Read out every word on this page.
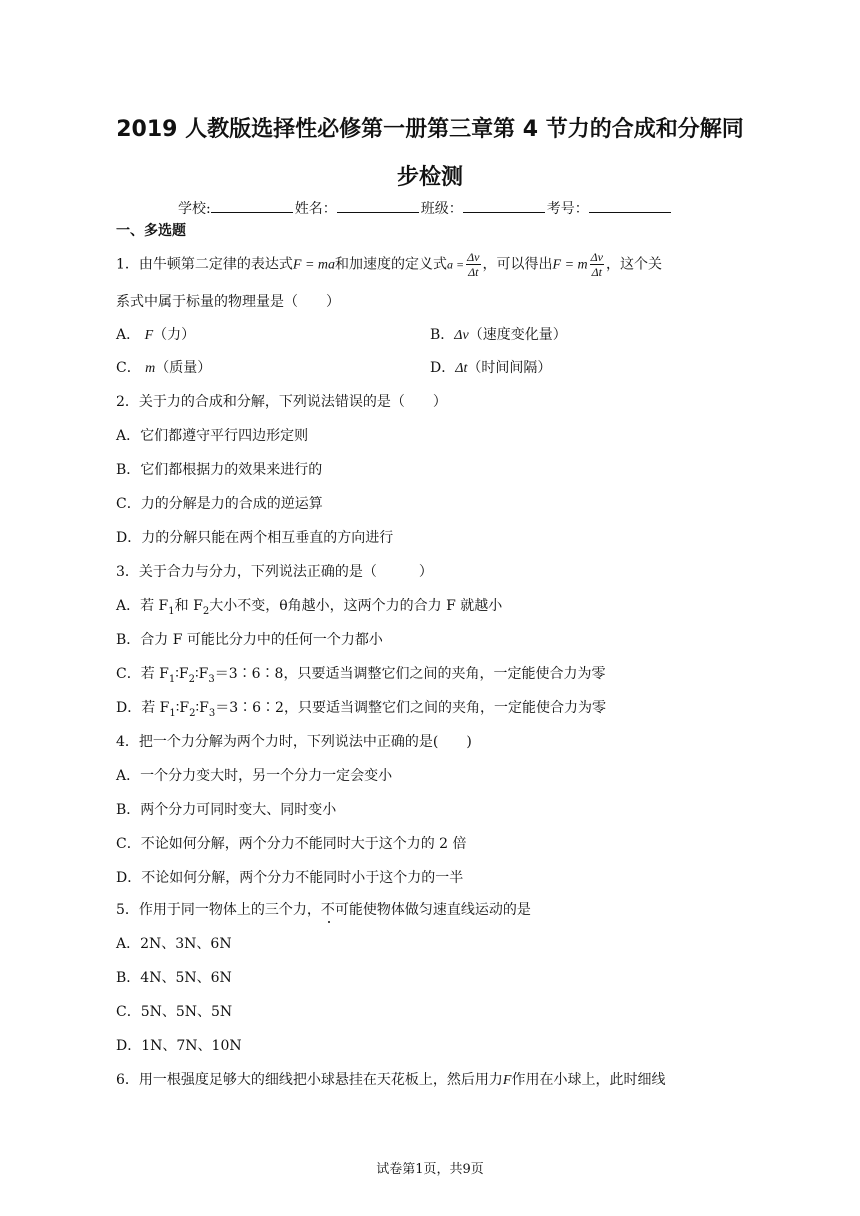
2019 人教版选择性必修第一册第三章第 4 节力的合成和分解同
步检测
学校:	姓名：	班级：	考号：
一、多选题
1．由牛顿第二定律的表达式F = ma和加速度的定义式$a = \frac{\Delta v}{\Delta t}$ ，可以得出F = m $\frac{\Delta v}{\Delta t}$ ，这个关
系式中属于标量的物理量是（　　）
A． F（力）	B．Δv（速度变化量）
C． m（质量）	D．Δt（时间间隔）
2．关于力的合成和分解，下列说法错误的是（　　）
A．它们都遵守平行四边形定则
B．它们都根据力的效果来进行的
C．力的分解是力的合成的逆运算
D．力的分解只能在两个相互垂直的方向进行
3．关于合力与分力，下列说法正确的是（　　　）
A．若 $F_1$和 $F_2$大小不变，θ角越小，这两个力的合力 F 就越小
B．合力 F 可能比分力中的任何一个力都小
C．若 $F_1∶F_2∶F_3=3∶6∶8$，只要适当调整它们之间的夹角，一定能使合力为零
D．若 $F_1∶F_2∶F_3=3∶6∶2$，只要适当调整它们之间的夹角，一定能使合力为零
4．把一个力分解为两个力时，下列说法中正确的是(　　)
A．一个分力变大时，另一个分力一定会变小
B．两个分力可同时变大、同时变小
C．不论如何分解，两个分力不能同时大于这个力的 2 倍
D．不论如何分解，两个分力不能同时小于这个力的一半
5．作用于同一物体上的三个力，不可能使物体做匀速直线运动的是
A．2N、3N、6N
B．4N、5N、6N
C．5N、5N、5N
D．1N、7N、10N
6．用一根强度足够大的细线把小球悬挂在天花板上，然后用力F作用在小球上，此时细线
试卷第1页，共9页
